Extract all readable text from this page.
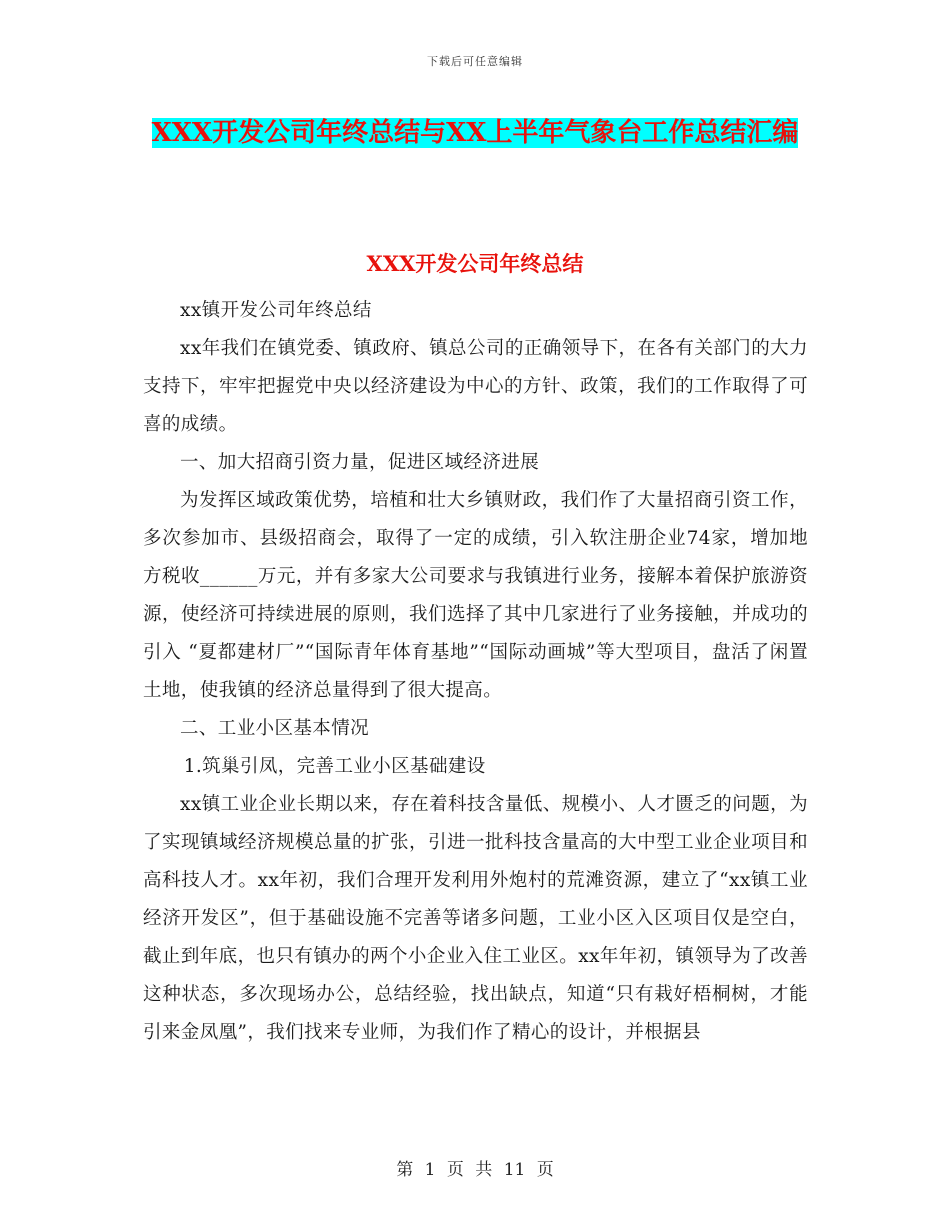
下载后可任意编辑
XXX开发公司年终总结与XX上半年气象台工作总结汇编
XXX开发公司年终总结

xx镇开发公司年终总结

xx年我们在镇党委、镇政府、镇总公司的正确领导下，在各有关部门的大力支持下，牢牢把握党中央以经济建设为中心的方针、政策，我们的工作取得了可喜的成绩。

一、加大招商引资力量，促进区域经济进展

为发挥区域政策优势，培植和壮大乡镇财政，我们作了大量招商引资工作，多次参加市、县级招商会，取得了一定的成绩，引入软注册企业74家，增加地方税收______万元，并有多家大公司要求与我镇进行业务，接解本着保护旅游资源，使经济可持续进展的原则，我们选择了其中几家进行了业务接触，并成功的引入 “夏都建材厂”“国际青年体育基地”“国际动画城”等大型项目，盘活了闲置土地，使我镇的经济总量得到了很大提高。

二、工业小区基本情况

1.筑巢引凤，完善工业小区基础建设

xx镇工业企业长期以来，存在着科技含量低、规模小、人才匮乏的问题，为了实现镇域经济规模总量的扩张，引进一批科技含量高的大中型工业企业项目和高科技人才。xx年初，我们合理开发利用外炮村的荒滩资源，建立了“xx镇工业经济开发区”，但于基础设施不完善等诸多问题，工业小区入区项目仅是空白，截止到年底，也只有镇办的两个小企业入住工业区。xx年年初，镇领导为了改善这种状态，多次现场办公，总结经验，找出缺点，知道“只有栽好梧桐树，才能引来金凤凰”，我们找来专业师，为我们作了精心的设计，并根据县

第 1 页 共 11 页
